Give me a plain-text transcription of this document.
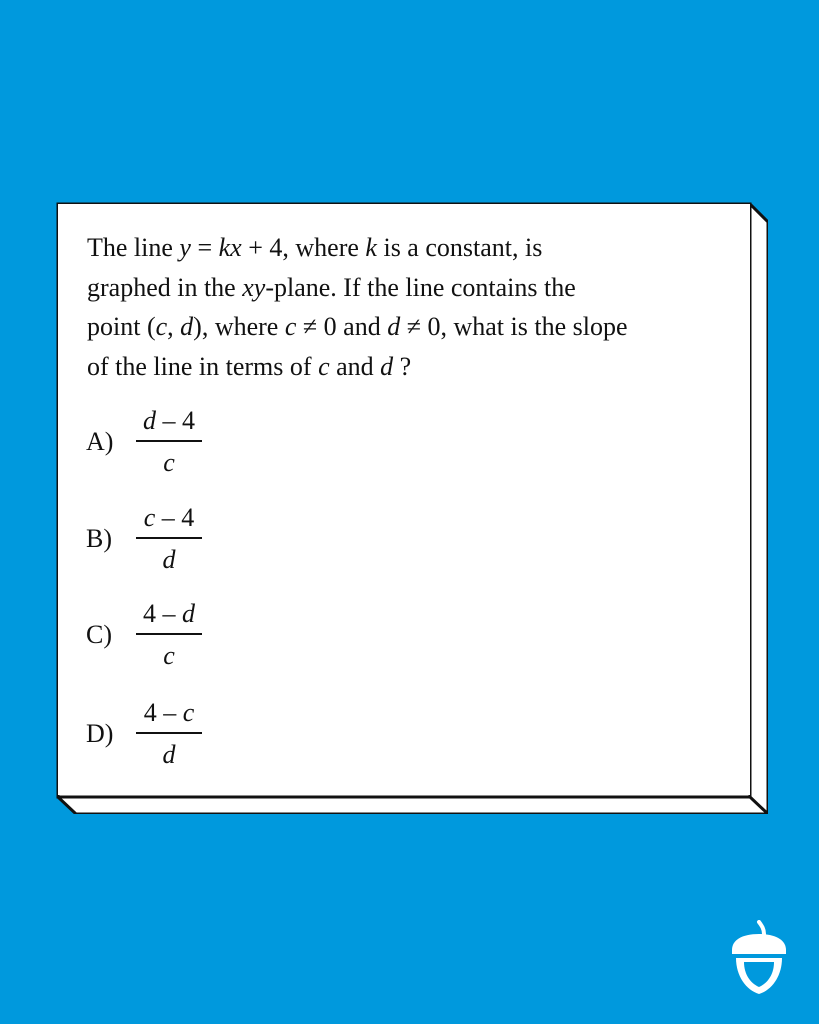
The line y = kx + 4, where k is a constant, is
graphed in the xy-plane. If the line contains the
point (c, d), where c ≠ 0 and d ≠ 0, what is the slope
of the line in terms of c and d ?

A)
d – 4
c
B)
c – 4
d
C)
4 – d
c
D)
4 – c
d
